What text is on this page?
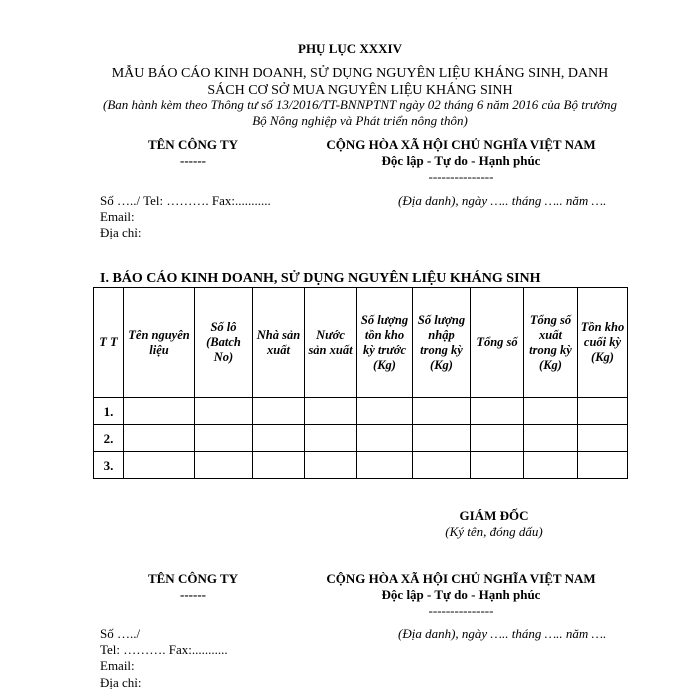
PHỤ LỤC XXXIV
MẪU BÁO CÁO KINH DOANH, SỬ DỤNG NGUYÊN LIỆU KHÁNG SINH, DANH SÁCH CƠ SỞ MUA NGUYÊN LIỆU KHÁNG SINH
(Ban hành kèm theo Thông tư số 13/2016/TT-BNNPTNT ngày 02 tháng 6 năm 2016 của Bộ trưởng Bộ Nông nghiệp và Phát triển nông thôn)
TÊN CÔNG TY
------
CỘNG HÒA XÃ HỘI CHỦ NGHĨA VIỆT NAM
Độc lập - Tự do - Hạnh phúc
---------------
Số …../ Tel: ………. Fax:...........	(Địa danh), ngày ….. tháng ….. năm ….
Email:
Địa chỉ:
I. BÁO CÁO KINH DOANH, SỬ DỤNG NGUYÊN LIỆU KHÁNG SINH
T T	Tên nguyên liệu	Số lô (Batch No)	Nhà sản xuất	Nước sản xuất	Số lượng tồn kho kỳ trước (Kg)	Số lượng nhập trong kỳ (Kg)	Tổng số	Tổng số xuất trong kỳ (Kg)	Tồn kho cuối kỳ (Kg)
1.									
2.									
3.									
GIÁM ĐỐC
(Ký tên, đóng dấu)
TÊN CÔNG TY
------
CỘNG HÒA XÃ HỘI CHỦ NGHĨA VIỆT NAM
Độc lập - Tự do - Hạnh phúc
---------------
Số …../	(Địa danh), ngày ….. tháng ….. năm ….
Tel: ………. Fax:...........
Email:
Địa chỉ:
